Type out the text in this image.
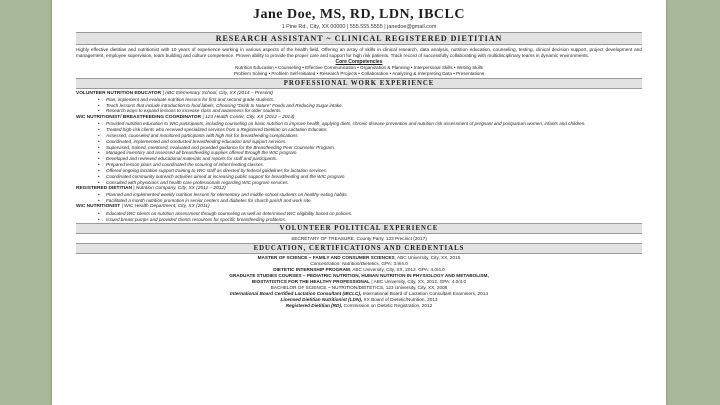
Jane Doe, MS, RD, LDN, IBCLC
1 Pine Rd., City, XX 00000 | 555.555.5555 | janedoe@gmail.com
RESEARCH ASSISTANT ~ CLINICAL REGISTERED DIETITIAN
Highly effective dietitian and nutritionist with 10 years of experience working in various aspects of the health field. Offering an array of skills in clinical research, data analysis, nutrition education, counseling, testing, clinical decision support, project development and management, employee supervision, team building and culture competence. Proven ability to provide the proper care and support for high risk patients. Track record of successfully collaborating with multidisciplinary teams in dynamic environments.
Core Competencies
Nutrition Education • Counseling • Effective Communication • Organization & Planning • Interpersonal Skills • Writing Skills
Problem Solving • Problem Self-Initiated • Research Projects • Collaboration • Analyzing & Interpreting Data • Presentations
PROFESSIONAL WORK EXPERIENCE
VOLUNTEER NUTRITION EDUCATOR | ABC Elementary School, City, XX (2014 – Present)
• Plan, implement and evaluate nutrition lessons for first and second grade students.
• Teach lessons that include introduction to food labels, Choosing "Drink to Nature" Foods and Reducing Sugar intake.
• Research ways to expand lessons to increase class and awareness for older students.
WIC NUTRITIONIST/ BREASTFEEDING COORDINATOR | 123 Health Center, City, XX (2012 – 2014)
• Provided nutrition education to WIC participants, including counseling on basic nutrition to improve health, applying diets, chronic disease prevention and nutrition risk assessment of pregnant and postpartum women, infants and children.
• Treated high-risk clients who received specialized services from a Registered Dietitian on Lactation Educator.
• Assessed, counseled and monitored participants with high risk for breastfeeding complications.
• Coordinated, implemented and conducted breastfeeding education and support services.
• Supervised, trained, mentored, evaluated and provided guidance for the Breastfeeding Peer Counselor Program.
• Managed inventory and assessed all breastfeeding supplies offered through the WIC program.
• Developed and reviewed educational materials and reports for staff and participants.
• Prepared lesson plans and coordinated the scouring of infant feeding classes.
• Offered ongoing lactation support training to WIC staff as directed by federal guidelines for lactation services.
• Coordinated community outreach activities aimed at increasing public support for breastfeeding and the WIC program.
• Consulted with physicians and health care professionals regarding WIC program services.
REGISTERED DIETITIAN | Nutrition Company, City, XX (2011 – 2012)
• Planned and implemented weekly nutrition lessons for elementary and middle school students on healthy eating habits.
• Facilitated a month nutrition promotion in senior centers and diabetes for church parish and work site.
WIC NUTRITIONIST | WIC Health Department, City, XX (2011)
• Educated WIC clients on nutrition assessment through counseling as well as determined WIC eligibility based on policies.
• Issued breast pumps and provided clients resources for specific breastfeeding problems.
VOLUNTEER POLITICAL EXPERIENCE
SECRETARY OF TREASURE, County Party, 123 Precinct (2017)
EDUCATION, CERTIFICATIONS AND CREDENTIALS
MASTER OF SCIENCE ~ FAMILY AND CONSUMER SCIENCES, ABC University, City, XX, 2015
Concentration: Nutrition/Dietetics, GPA: 3.9/4.0
DIETETIC INTERNSHIP PROGRAM, ABC University, City, XX, 2012. GPA: 4.0/4.0
GRADUATE STUDIES COURSES ~ PEDIATRIC NUTRITION, HUMAN NUTRITION IN PHYSIOLOGY AND METABOLISM,
BIOSTATISTICS FOR THE HEALTHY PROFESSIONAL | ABC University, City, XX, 2012. GPA: 4.0/4.0
BACHELOR OF SCIENCE ~ NUTRITION/DIETETICS, 123 University, City, XX, 2008
International Board Certified Lactation Consultant (IBCLC), International Board of Lactation Consultant Examiners, 2014
Licensed Dietitian Nutritionist (LDN), XX Board of Dietetic/Nutrition, 2013
Registered Dietitian (RD), Commission on Dietetic Registration, 2012
